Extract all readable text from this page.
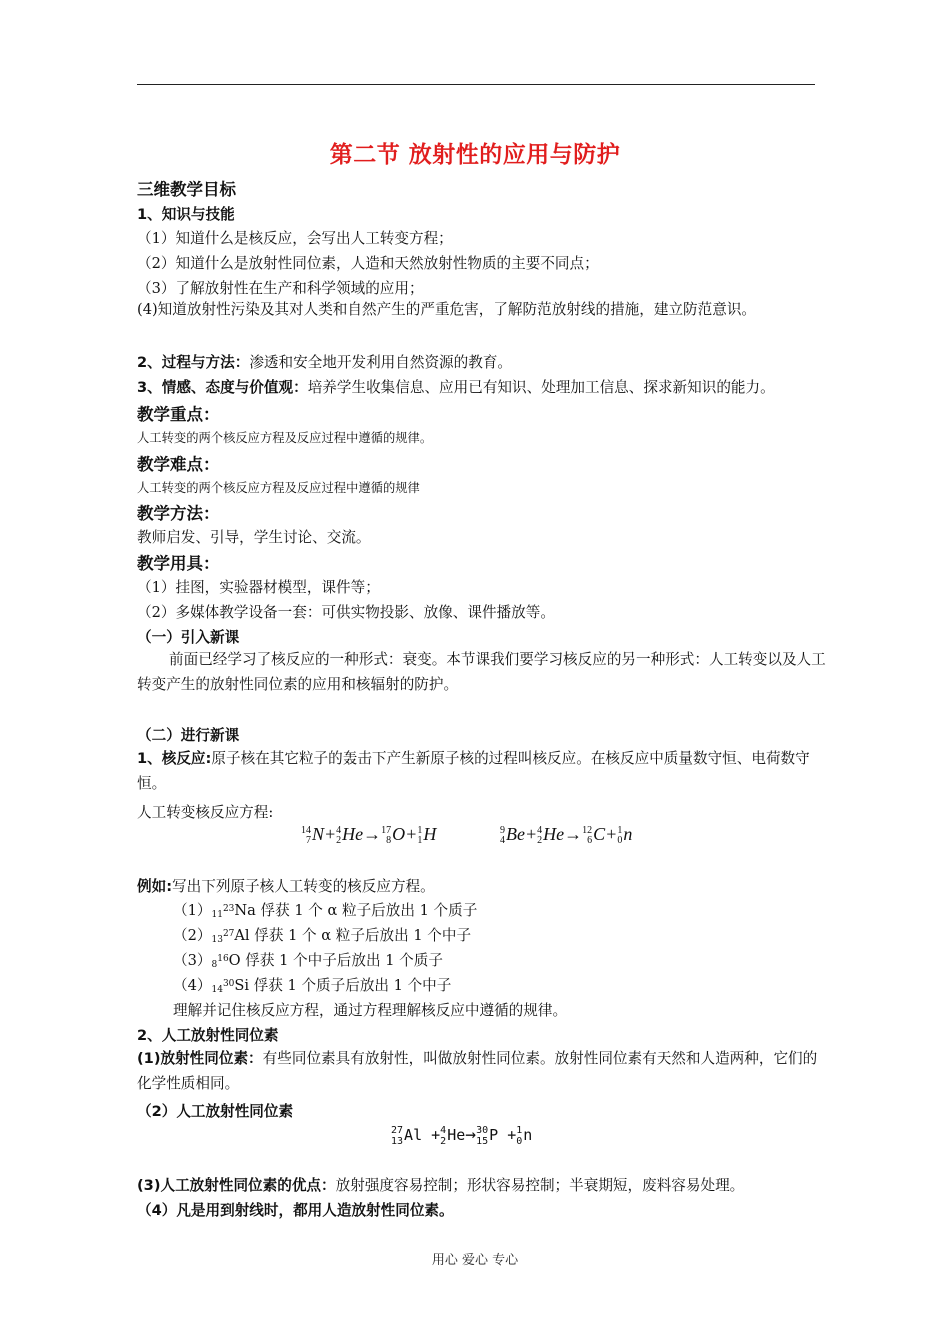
第二节 放射性的应用与防护
三维教学目标
1、知识与技能
（1）知道什么是核反应，会写出人工转变方程；
（2）知道什么是放射性同位素，人造和天然放射性物质的主要不同点；
（3）了解放射性在生产和科学领域的应用；
(4)知道放射性污染及其对人类和自然产生的严重危害，了解防范放射线的措施，建立防范意识。
2、过程与方法：渗透和安全地开发利用自然资源的教育。
3、情感、态度与价值观：培养学生收集信息、应用已有知识、处理加工信息、探求新知识的能力。
教学重点：
人工转变的两个核反应方程及反应过程中遵循的规律。
教学难点：
人工转变的两个核反应方程及反应过程中遵循的规律
教学方法：
教师启发、引导，学生讨论、交流。
教学用具：
（1）挂图，实验器材模型，课件等；
（2）多媒体教学设备一套：可供实物投影、放像、课件播放等。
（一）引入新课
前面已经学习了核反应的一种形式：衰变。本节课我们要学习核反应的另一种形式：人工转变以及人工转变产生的放射性同位素的应用和核辐射的防护。
（二）进行新课
1、核反应:原子核在其它粒子的轰击下产生新原子核的过程叫核反应。在核反应中质量数守恒、电荷数守恒。
人工转变核反应方程:
14
7 N+ 4
2 He→ 17
8 O+ 1
1 H	9
4 Be+ 4
2 He→ 12
6 C+ 1
0 n
例如:写出下列原子核人工转变的核反应方程。
$(1)11^{23}Na$ 俘获 1 个 α 粒子后放出 1 个质子
$(2)13^{27}Al$ 俘获 1 个 α 粒子后放出 1 个中子
$(3)8^{16}O$ 俘获 1 个中子后放出 1 个质子
$(4)14^{30}Si$ 俘获 1 个质子后放出 1 个中子
理解并记住核反应方程，通过方程理解核反应中遵循的规律。
2、人工放射性同位素
(1)放射性同位素：有些同位素具有放射性，叫做放射性同位素。放射性同位素有天然和人造两种，它们的化学性质相同。
（2）人工放射性同位素
27
13 Al + 4
2 He→ 30
15 P + 1
0 n
(3)人工放射性同位素的优点：放射强度容易控制；形状容易控制；半衰期短，废料容易处理。
（4）凡是用到射线时，都用人造放射性同位素。
用心 爱心 专心
